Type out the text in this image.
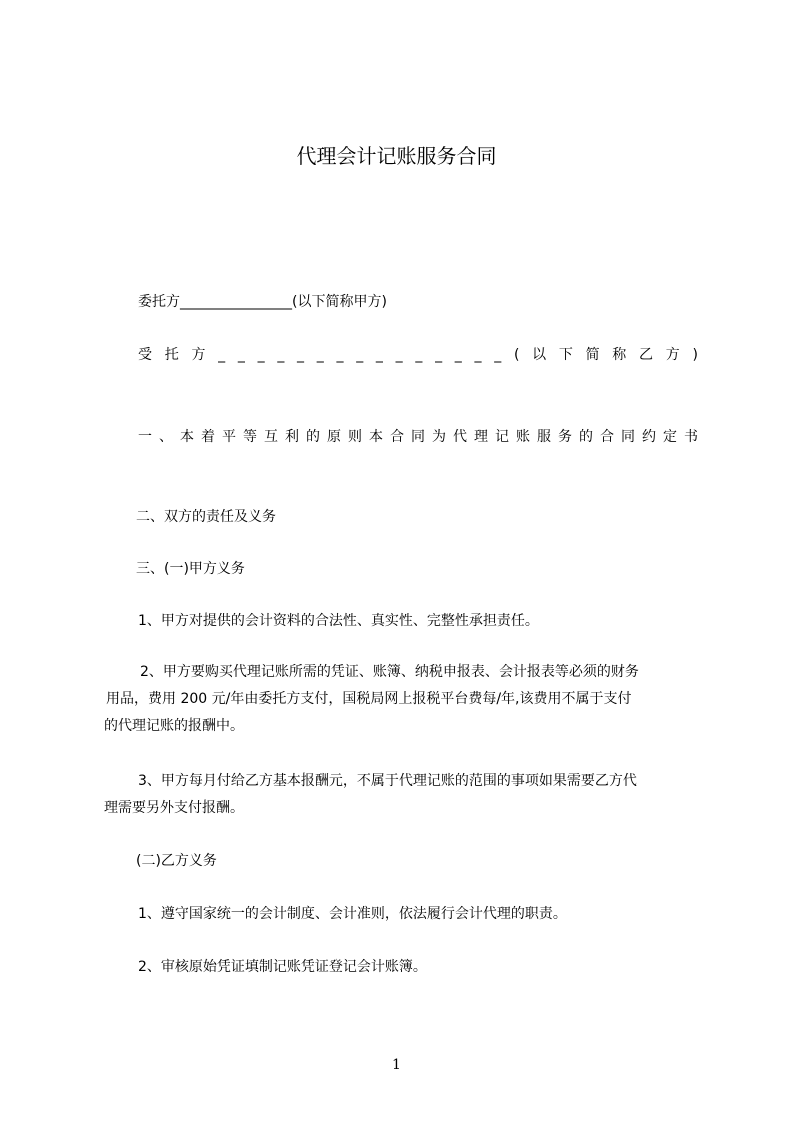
代理会计记账服务合同
委托方________________(以下简称甲方)
受 托 方 _ _ _ _ _ _ _ _ _ _ _ _ _ _ _ ( 以 下 简 称 乙 方 )
一 、 本 着 平 等 互 利 的 原 则 本 合 同 为 代 理 记 账 服 务 的 合 同 约 定 书
二、双方的责任及义务
三、(一)甲方义务
1、甲方对提供的会计资料的合法性、真实性、完整性承担责任。
2、甲方要购买代理记账所需的凭证、账簿、纳税申报表、会计报表等必须的财务
用品，费用 200 元/年由委托方支付，国税局网上报税平台费每/年,该费用不属于支付
的代理记账的报酬中。
3、甲方每月付给乙方基本报酬元，不属于代理记账的范围的事项如果需要乙方代
理需要另外支付报酬。
(二)乙方义务
1、遵守国家统一的会计制度、会计准则，依法履行会计代理的职责。
2、审核原始凭证填制记账凭证登记会计账簿。
1
